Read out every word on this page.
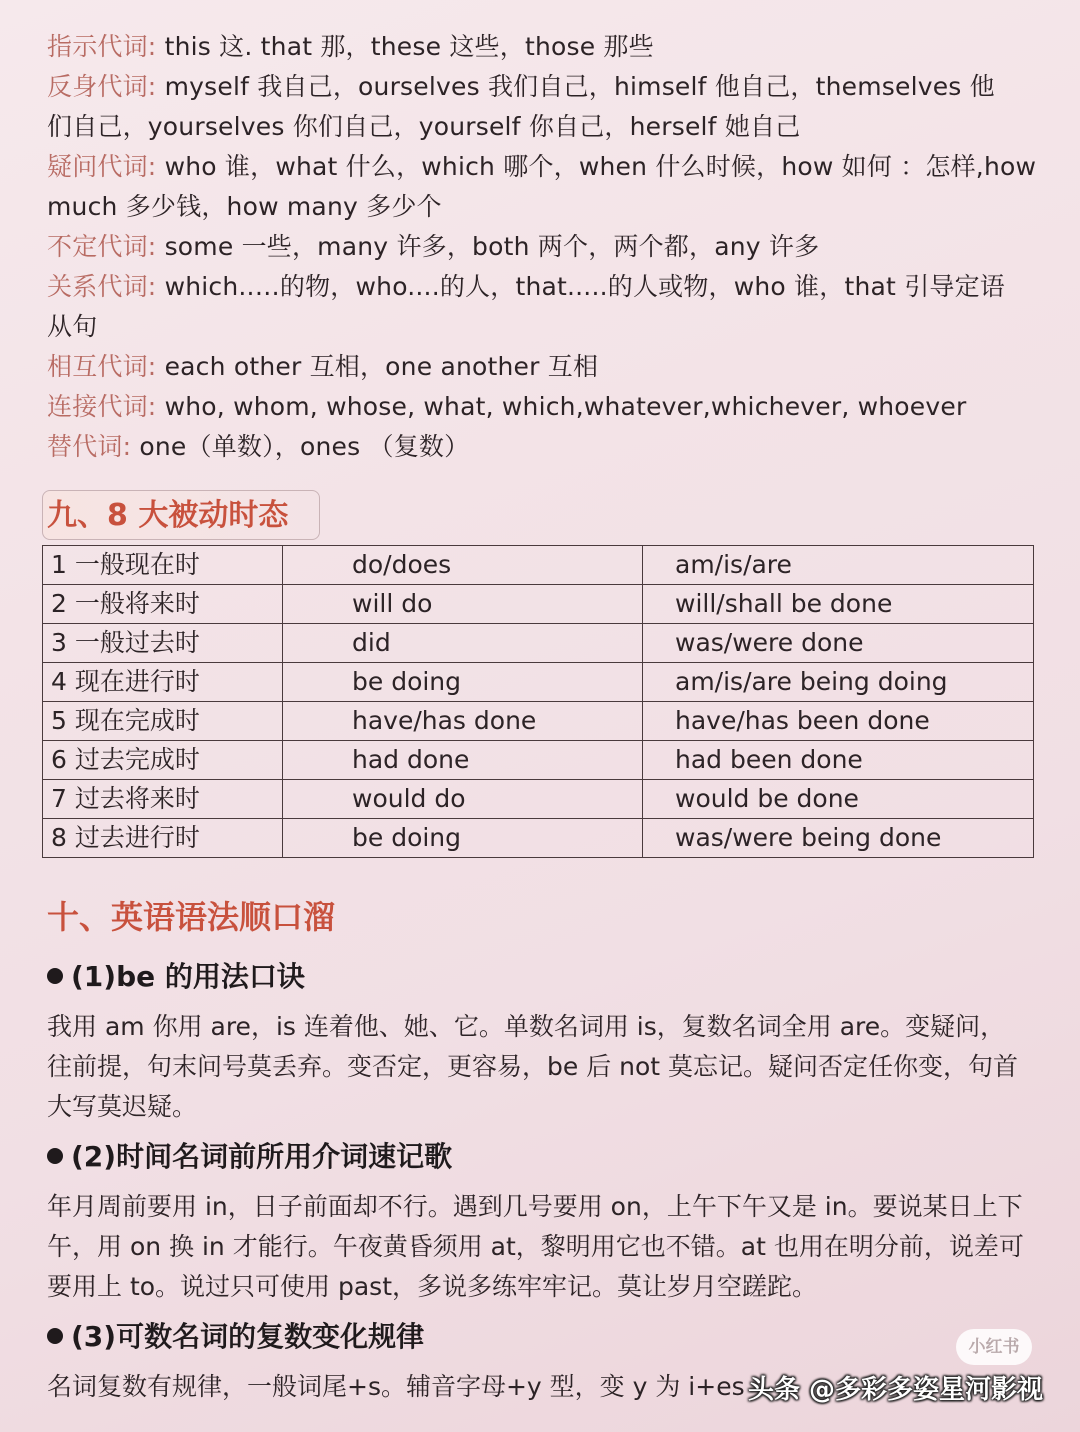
指示代词: this 这. that 那，these 这些，those 那些
反身代词: myself 我自己，ourselves 我们自己，himself 他自己，themselves 他
们自己，yourselves 你们自己，yourself 你自己，herself 她自己
疑问代词: who 谁，what 什么，which 哪个，when 什么时候，how 如何 ：怎样,how
much 多少钱，how many 多少个
不定代词: some 一些，many 许多，both 两个，两个都，any 许多
关系代词: which..…的物，who....的人，that.....的人或物，who 谁，that 引导定语
从句
相互代词: each other 互相，one another 互相
连接代词: who, whom, whose, what, which,whatever,whichever, whoever
替代词: one（单数），ones （复数）
九、8 大被动时态
1 一般现在时	do/does	am/is/are
2 一般将来时	will do	will/shall be done
3 一般过去时	did	was/were done
4 现在进行时	be doing	am/is/are being doing
5 现在完成时	have/has done	have/has been done
6 过去完成时	had done	had been done
7 过去将来时	would do	would be done
8 过去进行时	be doing	was/were being done
十、英语语法顺口溜
(1)be 的用法口诀
我用 am 你用 are，is 连着他、她、它。单数名词用 is，复数名词全用 are。变疑问，
往前提，句末问号莫丢弃。变否定，更容易，be 后 not 莫忘记。疑问否定任你变，句首
大写莫迟疑。
(2)时间名词前所用介词速记歌
年月周前要用 in，日子前面却不行。遇到几号要用 on，上午下午又是 in。要说某日上下
午，用 on 换 in 才能行。午夜黄昏须用 at，黎明用它也不错。at 也用在明分前，说差可
要用上 to。说过只可使用 past，多说多练牢牢记。莫让岁月空蹉跎。
(3)可数名词的复数变化规律
名词复数有规律，一般词尾+s。辅音字母+y 型，变 y 为 i+es
小红书
头条 @多彩多姿星河影视
